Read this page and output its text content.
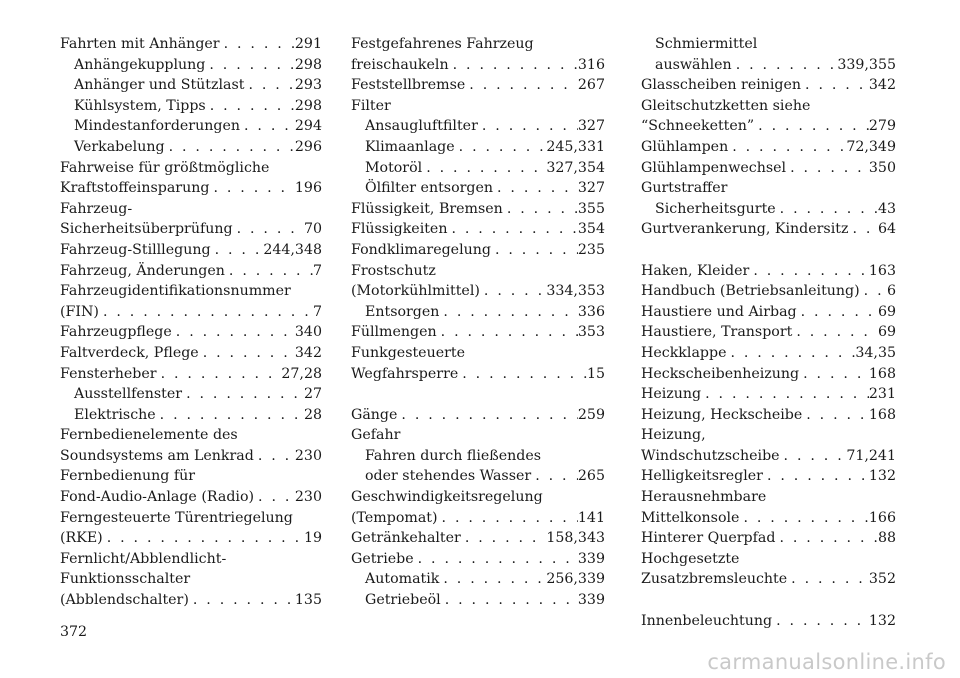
Fahrten mit Anhänger . . .	291
Anhängekupplung . . .	298
Anhänger und Stützlast . . .	293
Kühlsystem, Tipps . . .	298
Mindestanforderungen . . .	294
Verkabelung . . .	296
Fahrweise für größtmögliche
Kraftstoffeinsparung . . .	196
Fahrzeug-
Sicherheitsüberprüfung . . .	70
Fahrzeug-Stilllegung . . .	244,348
Fahrzeug, Änderungen . . .	7
Fahrzeugidentifikationsnummer
(FIN) . . .	7
Fahrzeugpflege . . .	340
Faltverdeck, Pflege . . .	342
Fensterheber . . .	27,28
Ausstellfenster . . .	27
Elektrische . . .	28
Fernbedienelemente des
Soundsystems am Lenkrad . . .	230
Fernbedienung für
Fond-Audio-Anlage (Radio) . . .	230
Ferngesteuerte Türentriegelung
(RKE) . . .	19
Fernlicht/Abblendlicht-
Funktionsschalter
(Abblendschalter) . . .	135
Festgefahrenes Fahrzeug
freischaukeln . . .	316
Feststellbremse . . .	267
Filter
Ansaugluftfilter . . .	327
Klimaanlage . . .	245,331
Motoröl . . .	327,354
Ölfilter entsorgen . . .	327
Flüssigkeit, Bremsen . . .	355
Flüssigkeiten . . .	354
Fondklimaregelung . . .	235
Frostschutz
(Motorkühlmittel) . . .	334,353
Entsorgen . . .	336
Füllmengen . . .	353
Funkgesteuerte
Wegfahrsperre . . .	15
Gänge . . .	259
Gefahr
Fahren durch fließendes
oder stehendes Wasser . . .	265
Geschwindigkeitsregelung
(Tempomat) . . .	141
Getränkehalter . . .	158,343
Getriebe . . .	339
Automatik . . .	256,339
Getriebeöl . . .	339
Schmiermittel
auswählen . . .	339,355
Glasscheiben reinigen . . .	342
Gleitschutzketten siehe
“Schneeketten” . . .	279
Glühlampen . . .	72,349
Glühlampenwechsel . . .	350
Gurtstraffer
Sicherheitsgurte . . .	43
Gurtverankerung, Kindersitz . . . 64
Haken, Kleider . . .	163
Handbuch (Betriebsanleitung) . . . 6
Haustiere und Airbag . . .	69
Haustiere, Transport . . .	69
Heckklappe . . .	34,35
Heckscheibenheizung . . .	168
Heizung . . .	231
Heizung, Heckscheibe . . .	168
Heizung,
Windschutzscheibe . . .	71,241
Helligkeitsregler . . .	132
Herausnehmbare
Mittelkonsole . . .	166
Hinterer Querpfad . . .	88
Hochgesetzte
Zusatzbremsleuchte . . .	352
Innenbeleuchtung . . .	132
372
carmanualsonline.info
